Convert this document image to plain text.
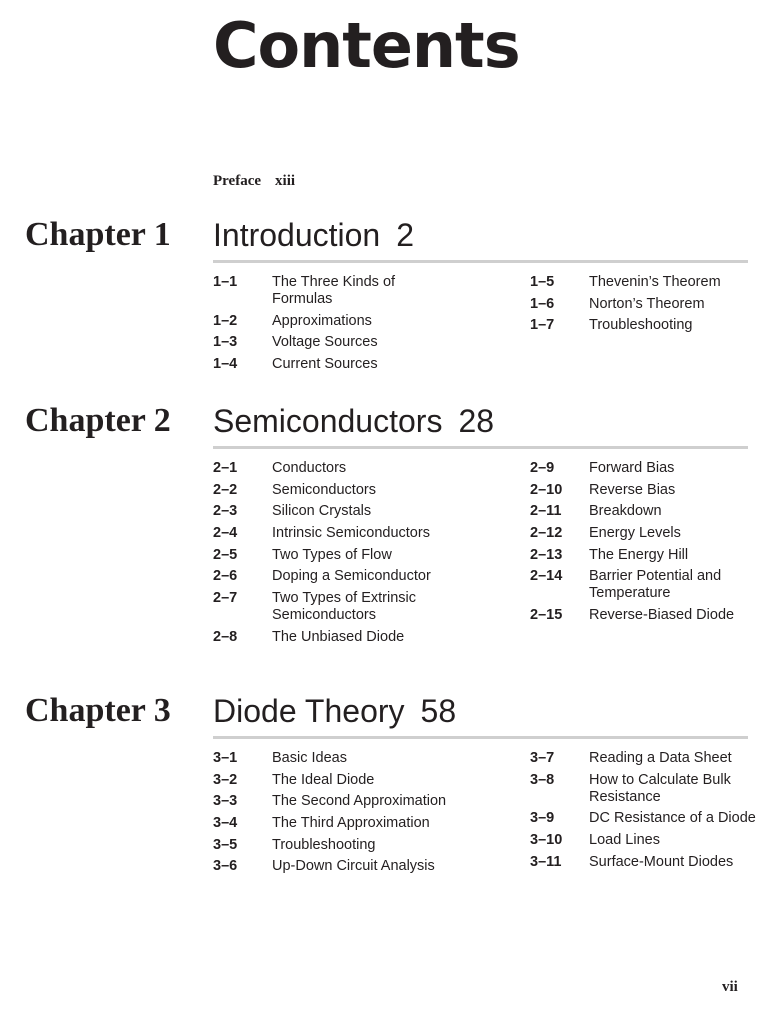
Contents
Preface xiii
Chapter 1 Introduction 2
1–1	The Three Kinds of Formulas
1–2	Approximations
1–3	Voltage Sources
1–4	Current Sources
1–5	Thevenin’s Theorem
1–6	Norton’s Theorem
1–7	Troubleshooting
Chapter 2 Semiconductors 28
2–1	Conductors
2–2	Semiconductors
2–3	Silicon Crystals
2–4	Intrinsic Semiconductors
2–5	Two Types of Flow
2–6	Doping a Semiconductor
2–7	Two Types of Extrinsic Semiconductors
2–8	The Unbiased Diode
2–9	Forward Bias
2–10	Reverse Bias
2–11	Breakdown
2–12	Energy Levels
2–13	The Energy Hill
2–14	Barrier Potential and Temperature
2–15	Reverse-Biased Diode
Chapter 3 Diode Theory 58
3–1	Basic Ideas
3–2	The Ideal Diode
3–3	The Second Approximation
3–4	The Third Approximation
3–5	Troubleshooting
3–6	Up-Down Circuit Analysis
3–7	Reading a Data Sheet
3–8	How to Calculate Bulk Resistance
3–9	DC Resistance of a Diode
3–10	Load Lines
3–11	Surface-Mount Diodes
vii
